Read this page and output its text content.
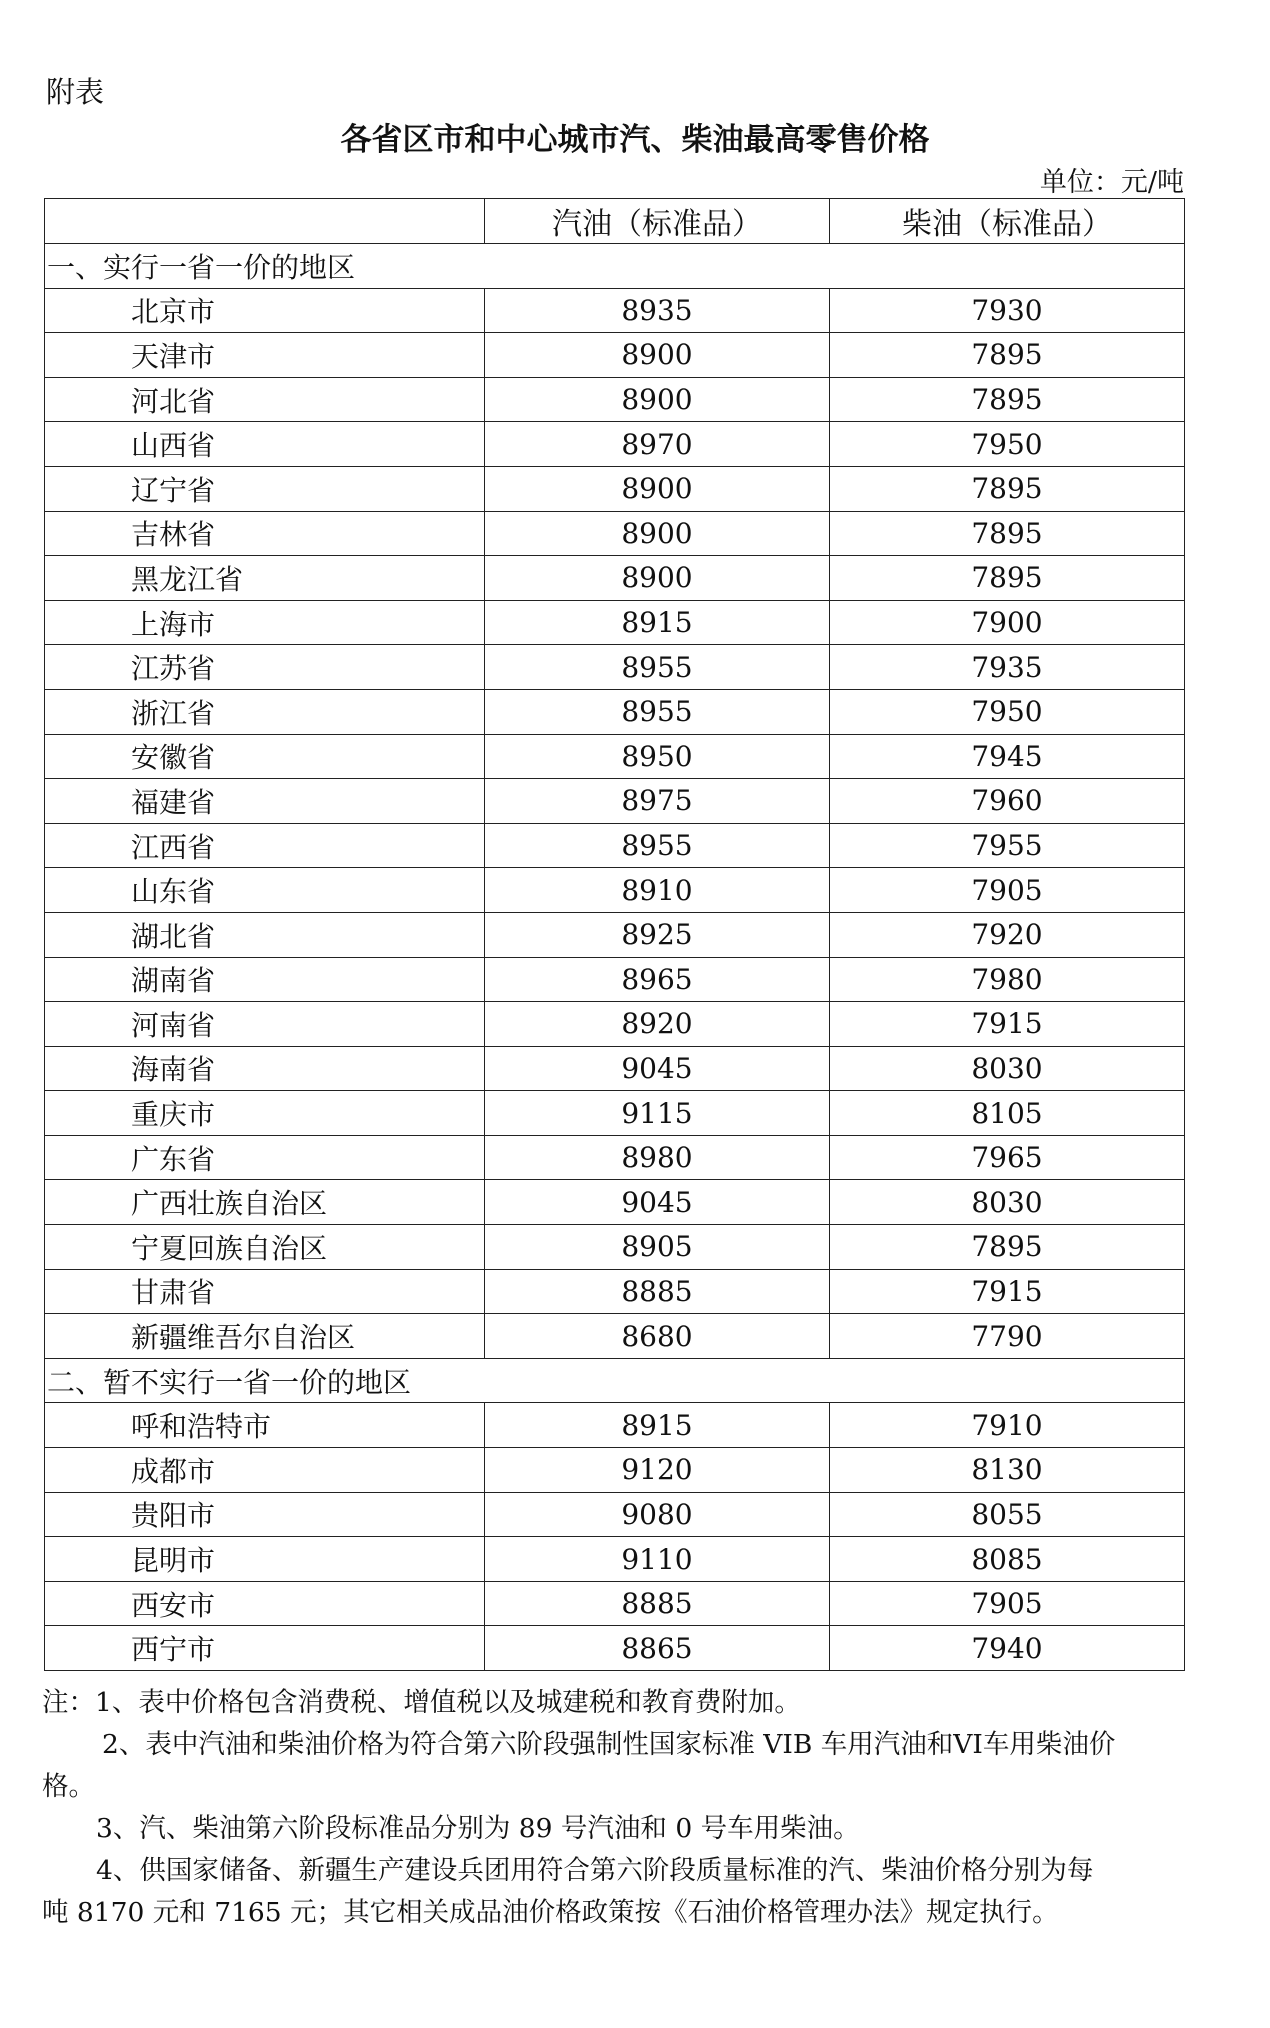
附表
各省区市和中心城市汽、柴油最高零售价格
单位：元/吨
	汽油（标准品）	柴油（标准品）
一、实行一省一价的地区		
北京市	8935	7930
天津市	8900	7895
河北省	8900	7895
山西省	8970	7950
辽宁省	8900	7895
吉林省	8900	7895
黑龙江省	8900	7895
上海市	8915	7900
江苏省	8955	7935
浙江省	8955	7950
安徽省	8950	7945
福建省	8975	7960
江西省	8955	7955
山东省	8910	7905
湖北省	8925	7920
湖南省	8965	7980
河南省	8920	7915
海南省	9045	8030
重庆市	9115	8105
广东省	8980	7965
广西壮族自治区	9045	8030
宁夏回族自治区	8905	7895
甘肃省	8885	7915
新疆维吾尔自治区	8680	7790
二、暂不实行一省一价的地区		
呼和浩特市	8915	7910
成都市	9120	8130
贵阳市	9080	8055
昆明市	9110	8085
西安市	8885	7905
西宁市	8865	7940
注：1、表中价格包含消费税、增值税以及城建税和教育费附加。
2、表中汽油和柴油价格为符合第六阶段强制性国家标准 VIB 车用汽油和VI车用柴油价
格。
3、汽、柴油第六阶段标准品分别为 89 号汽油和 0 号车用柴油。
4、供国家储备、新疆生产建设兵团用符合第六阶段质量标准的汽、柴油价格分别为每
吨 8170 元和 7165 元；其它相关成品油价格政策按《石油价格管理办法》规定执行。
